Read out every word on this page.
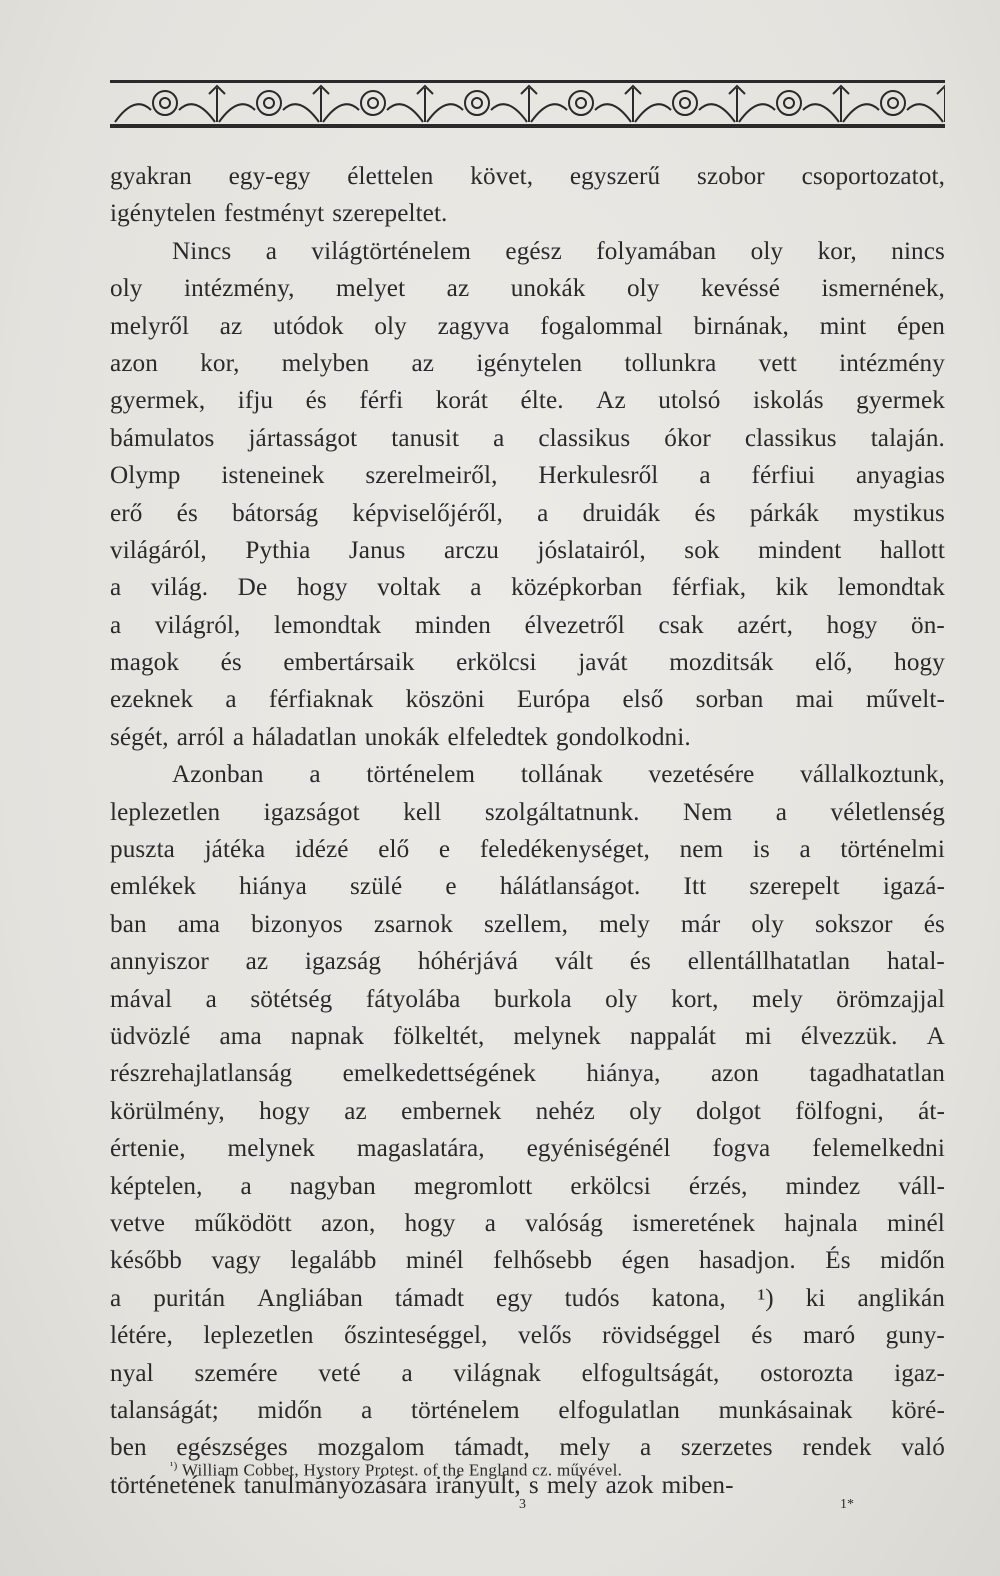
gyakran egy-egy élettelen követ, egyszerű szobor csoportozatot,
igénytelen festményt szerepeltet.
Nincs a világtörténelem egész folyamában oly kor, nincs
oly intézmény, melyet az unokák oly kevéssé ismernének,
melyről az utódok oly zagyva fogalommal birnának, mint épen
azon kor, melyben az igénytelen tollunkra vett intézmény
gyermek, ifju és férfi korát élte. Az utolsó iskolás gyermek
bámulatos jártasságot tanusit a classikus ókor classikus talaján.
Olymp isteneinek szerelmeiről, Herkulesről a férfiui anyagias
erő és bátorság képviselőjéről, a druidák és párkák mystikus
világáról, Pythia Janus arczu jóslatairól, sok mindent hallott
a világ. De hogy voltak a középkorban férfiak, kik lemondtak
a világról, lemondtak minden élvezetről csak azért, hogy ön-
magok és embertársaik erkölcsi javát mozditsák elő, hogy
ezeknek a férfiaknak köszöni Európa első sorban mai művelt-
ségét, arról a háladatlan unokák elfeledtek gondolkodni.
Azonban a történelem tollának vezetésére vállalkoztunk,
leplezetlen igazságot kell szolgáltatnunk. Nem a véletlenség
puszta játéka idézé elő e feledékenységet, nem is a történelmi
emlékek hiánya szülé e hálátlanságot. Itt szerepelt igazá-
ban ama bizonyos zsarnok szellem, mely már oly sokszor és
annyiszor az igazság hóhérjává vált és ellentállhatatlan hatal-
mával a sötétség fátyolába burkola oly kort, mely örömzajjal
üdvözlé ama napnak fölkeltét, melynek nappalát mi élvezzük. A
részrehajlatlanság emelkedettségének hiánya, azon tagadhatatlan
körülmény, hogy az embernek nehéz oly dolgot fölfogni, át-
értenie, melynek magaslatára, egyéniségénél fogva felemelkedni
képtelen, a nagyban megromlott erkölcsi érzés, mindez váll-
vetve működött azon, hogy a valóság ismeretének hajnala minél
később vagy legalább minél felhősebb égen hasadjon. És midőn
a puritán Angliában támadt egy tudós katona, ¹) ki anglikán
létére, leplezetlen őszinteséggel, velős rövidséggel és maró guny-
nyal szemére veté a világnak elfogultságát, ostorozta igaz-
talanságát; midőn a történelem elfogulatlan munkásainak köré-
ben egészséges mozgalom támadt, mely a szerzetes rendek való
történetének tanulmányozására irányult, s mely azok miben-
$^{^1)}$ William Cobbet, Hystory Protest. of the England cz. művével.
3	1*
